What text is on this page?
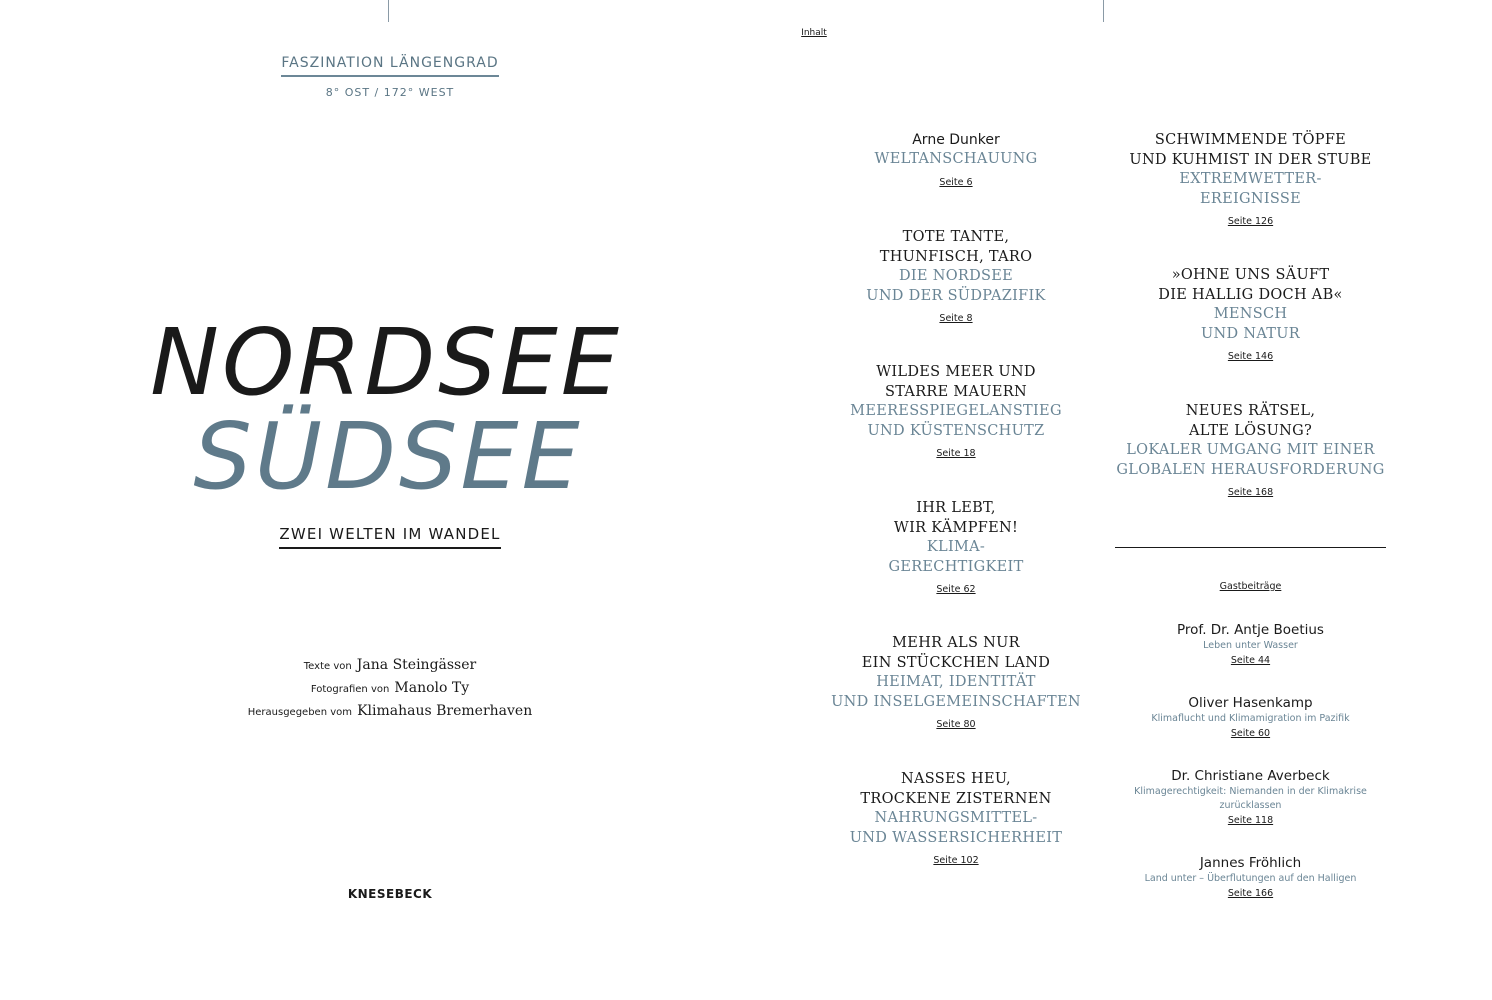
FASZINATION LÄNGENGRAD
8° OST / 172° WEST
NORDSEE
SÜDSEE
ZWEI WELTEN IM WANDEL
Texte von Jana Steingässer
Fotografien von Manolo Ty
Herausgegeben vom Klimahaus Bremerhaven
KNESEBECK
Inhalt
Arne Dunker
WELTANSCHAUUNG
Seite 6
TOTE TANTE,
THUNFISCH, TARO
DIE NORDSEE
UND DER SÜDPAZIFIK
Seite 8
WILDES MEER UND
STARRE MAUERN
MEERESSPIEGELANSTIEG
UND KÜSTENSCHUTZ
Seite 18
IHR LEBT,
WIR KÄMPFEN!
KLIMA-
GERECHTIGKEIT
Seite 62
MEHR ALS NUR
EIN STÜCKCHEN LAND
HEIMAT, IDENTITÄT
UND INSELGEMEINSCHAFTEN
Seite 80
NASSES HEU,
TROCKENE ZISTERNEN
NAHRUNGSMITTEL-
UND WASSERSICHERHEIT
Seite 102
SCHWIMMENDE TÖPFE
UND KUHMIST IN DER STUBE
EXTREMWETTER-
EREIGNISSE
Seite 126
»OHNE UNS SÄUFT
DIE HALLIG DOCH AB«
MENSCH
UND NATUR
Seite 146
NEUES RÄTSEL,
ALTE LÖSUNG?
LOKALER UMGANG MIT EINER
GLOBALEN HERAUSFORDERUNG
Seite 168
Gastbeiträge
Prof. Dr. Antje Boetius
Leben unter Wasser
Seite 44
Oliver Hasenkamp
Klimaflucht und Klimamigration im Pazifik
Seite 60
Dr. Christiane Averbeck
Klimagerechtigkeit: Niemanden in der Klimakrise
zurücklassen
Seite 118
Jannes Fröhlich
Land unter – Überflutungen auf den Halligen
Seite 166
